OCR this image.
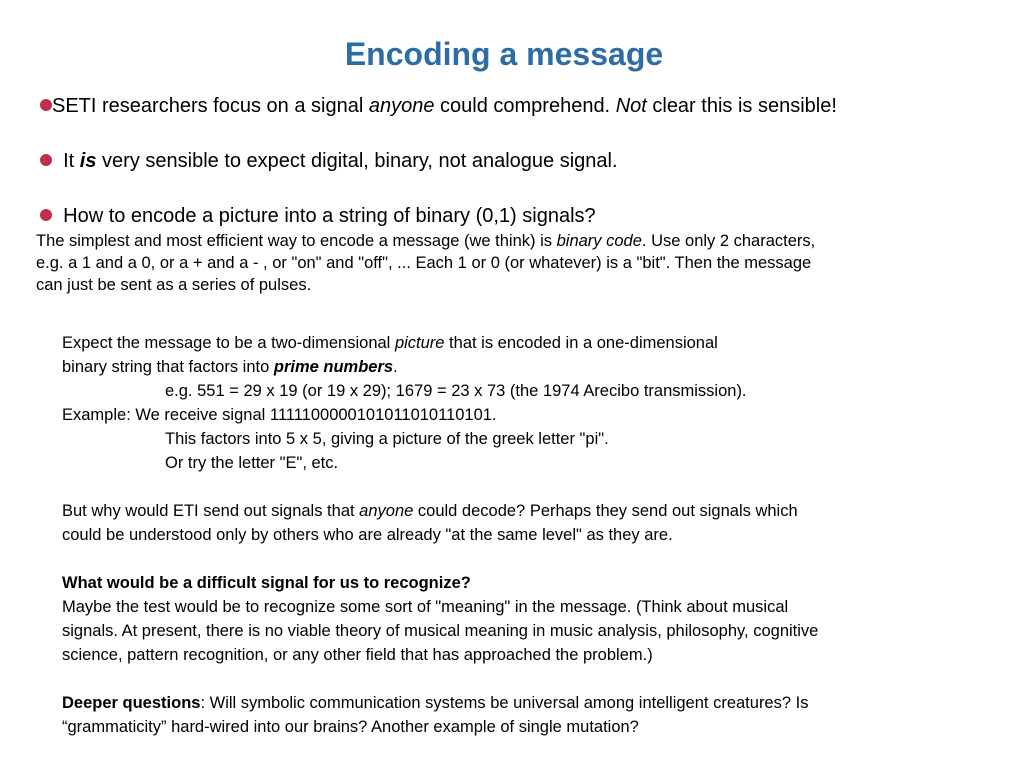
Encoding a message
SETI researchers focus on a signal anyone could comprehend. Not clear this is sensible!
It is very sensible to expect digital, binary, not analogue signal.
How to encode a picture into a string of binary (0,1) signals?
The simplest and most efficient way to encode a message (we think) is binary code. Use only 2 characters,
e.g. a 1 and a 0, or a + and a - , or "on" and "off", ... Each 1 or 0 (or whatever) is a "bit". Then the message
can just be sent as a series of pulses.
Expect the message to be a two-dimensional picture that is encoded in a one-dimensional
binary string that factors into prime numbers.
e.g. 551 = 29 x 19 (or 19 x 29); 1679 = 23 x 73 (the 1974 Arecibo transmission).
Example: We receive signal 1111100000101011010110101.
This factors into 5 x 5, giving a picture of the greek letter "pi".
Or try the letter "E", etc.
But why would ETI send out signals that anyone could decode? Perhaps they send out signals which
could be understood only by others who are already "at the same level" as they are.
What would be a difficult signal for us to recognize?
Maybe the test would be to recognize some sort of "meaning" in the message. (Think about musical
signals. At present, there is no viable theory of musical meaning in music analysis, philosophy, cognitive
science, pattern recognition, or any other field that has approached the problem.)
Deeper questions: Will symbolic communication systems be universal among intelligent creatures? Is
“grammaticity” hard-wired into our brains? Another example of single mutation?
